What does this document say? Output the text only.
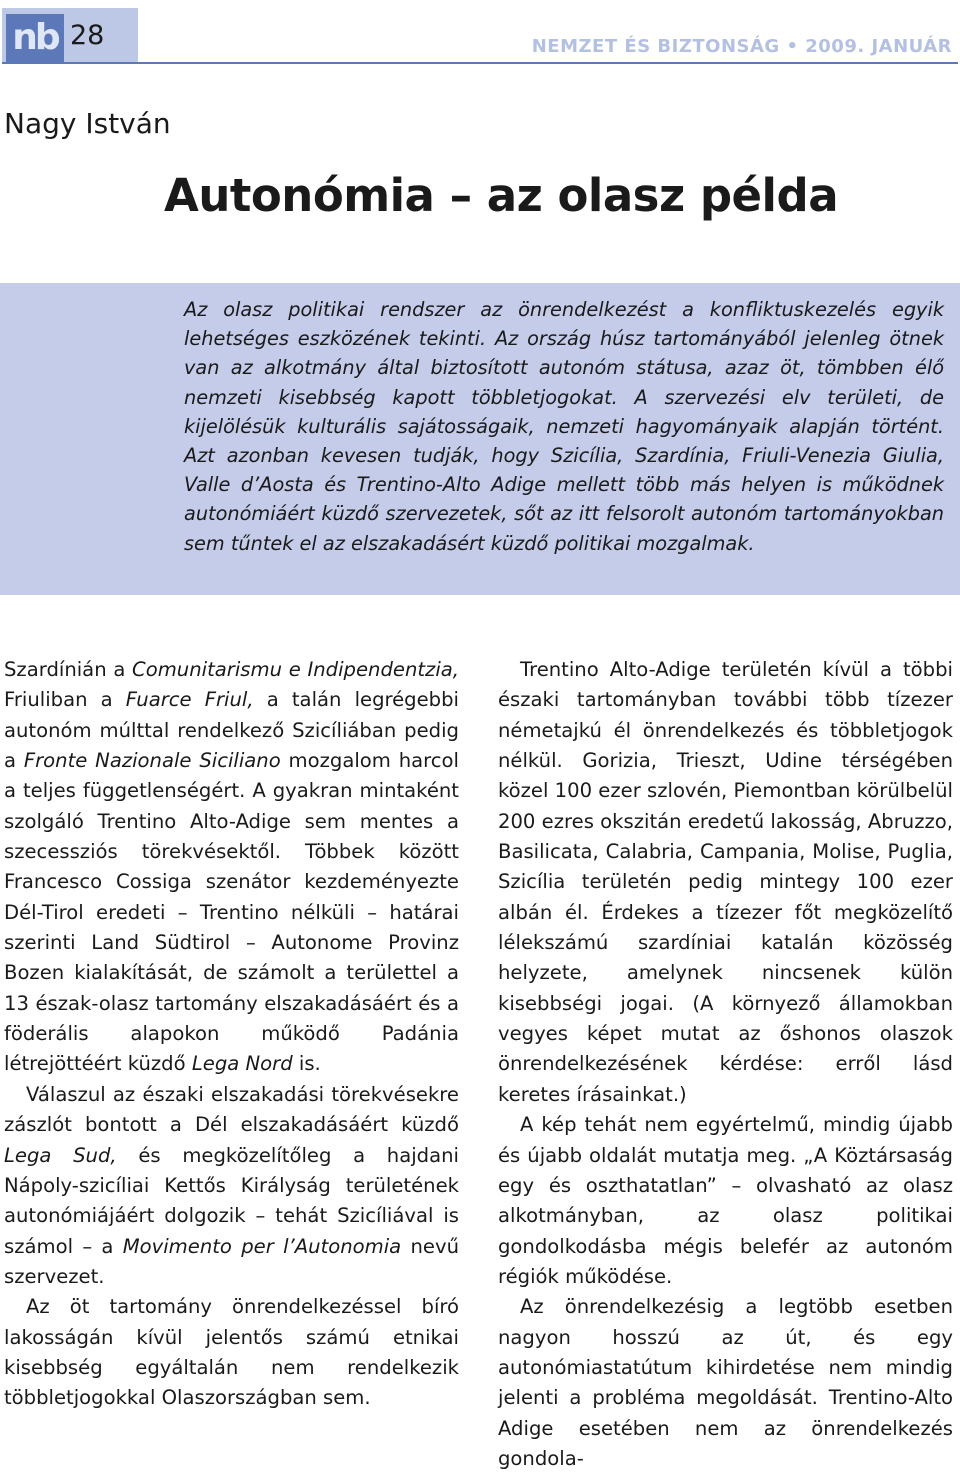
nb 28	NEMZET ÉS BIZTONSÁG • 2009. JANUÁR
Nagy István
Autonómia – az olasz példa
Az olasz politikai rendszer az önrendelkezést a konfliktuskezelés egyik lehetséges eszközének tekinti. Az ország húsz tartományából jelenleg ötnek van az alkotmány által biztosított autonóm státusa, azaz öt, tömbben élő nemzeti kisebbség kapott többletjogokat. A szervezési elv területi, de kijelölésük kulturális sajátosságaik, nemzeti hagyományaik alapján történt. Azt azonban kevesen tudják, hogy Szicília, Szardínia, Friuli-Venezia Giulia, Valle d’Aosta és Trentino-Alto Adige mellett több más helyen is működnek autonómiáért küzdő szervezetek, sőt az itt felsorolt autonóm tartományokban sem tűntek el az elszakadásért küzdő politikai mozgalmak.

Szardínián a Comunitarismu e Indipendentzia, Friuliban a Fuarce Friul, a talán legrégebbi autonóm múlttal rendelkező Szicíliában pedig a Fronte Nazionale Siciliano mozgalom harcol a teljes függetlenségért. A gyakran mintaként szolgáló Trentino Alto-Adige sem mentes a szecessziós törekvésektől. Többek között Francesco Cossiga szenátor kezdeményezte Dél-Tirol eredeti – Trentino nélküli – határai szerinti Land Südtirol – Autonome Provinz Bozen kialakítását, de számolt a területtel a 13 észak-olasz tartomány elszakadásáért és a föderális alapokon működő Padánia létrejöttéért küzdő Lega Nord is.

Válaszul az északi elszakadási törekvésekre zászlót bontott a Dél elszakadásáért küzdő Lega Sud, és megközelítőleg a hajdani Nápoly-szicíliai Kettős Királyság területének autonómiájáért dolgozik – tehát Szicíliával is számol – a Movimento per l’Autonomia nevű szervezet.

Az öt tartomány önrendelkezéssel bíró lakosságán kívül jelentős számú etnikai kisebbség egyáltalán nem rendelkezik többletjogokkal Olaszországban sem.

Trentino Alto-Adige területén kívül a többi északi tartományban további több tízezer németajkú él önrendelkezés és többletjogok nélkül. Gorizia, Trieszt, Udine térségében közel 100 ezer szlovén, Piemontban körülbelül 200 ezres okszitán eredetű lakosság, Abruzzo, Basilicata, Calabria, Campania, Molise, Puglia, Szicília területén pedig mintegy 100 ezer albán él. Érdekes a tízezer főt megközelítő lélekszámú szardíniai katalán közösség helyzete, amelynek nincsenek külön kisebbségi jogai. (A környező államokban vegyes képet mutat az őshonos olaszok önrendelkezésének kérdése: erről lásd keretes írásainkat.)

A kép tehát nem egyértelmű, mindig újabb és újabb oldalát mutatja meg. „A Köztársaság egy és oszthatatlan” – olvasható az olasz alkotmányban, az olasz politikai gondolkodásba mégis belefér az autonóm régiók működése.

Az önrendelkezésig a legtöbb esetben nagyon hosszú az út, és egy autonómiastatútum kihirdetése nem mindig jelenti a probléma megoldását. Trentino-Alto Adige esetében nem az önrendelkezés gondola-
